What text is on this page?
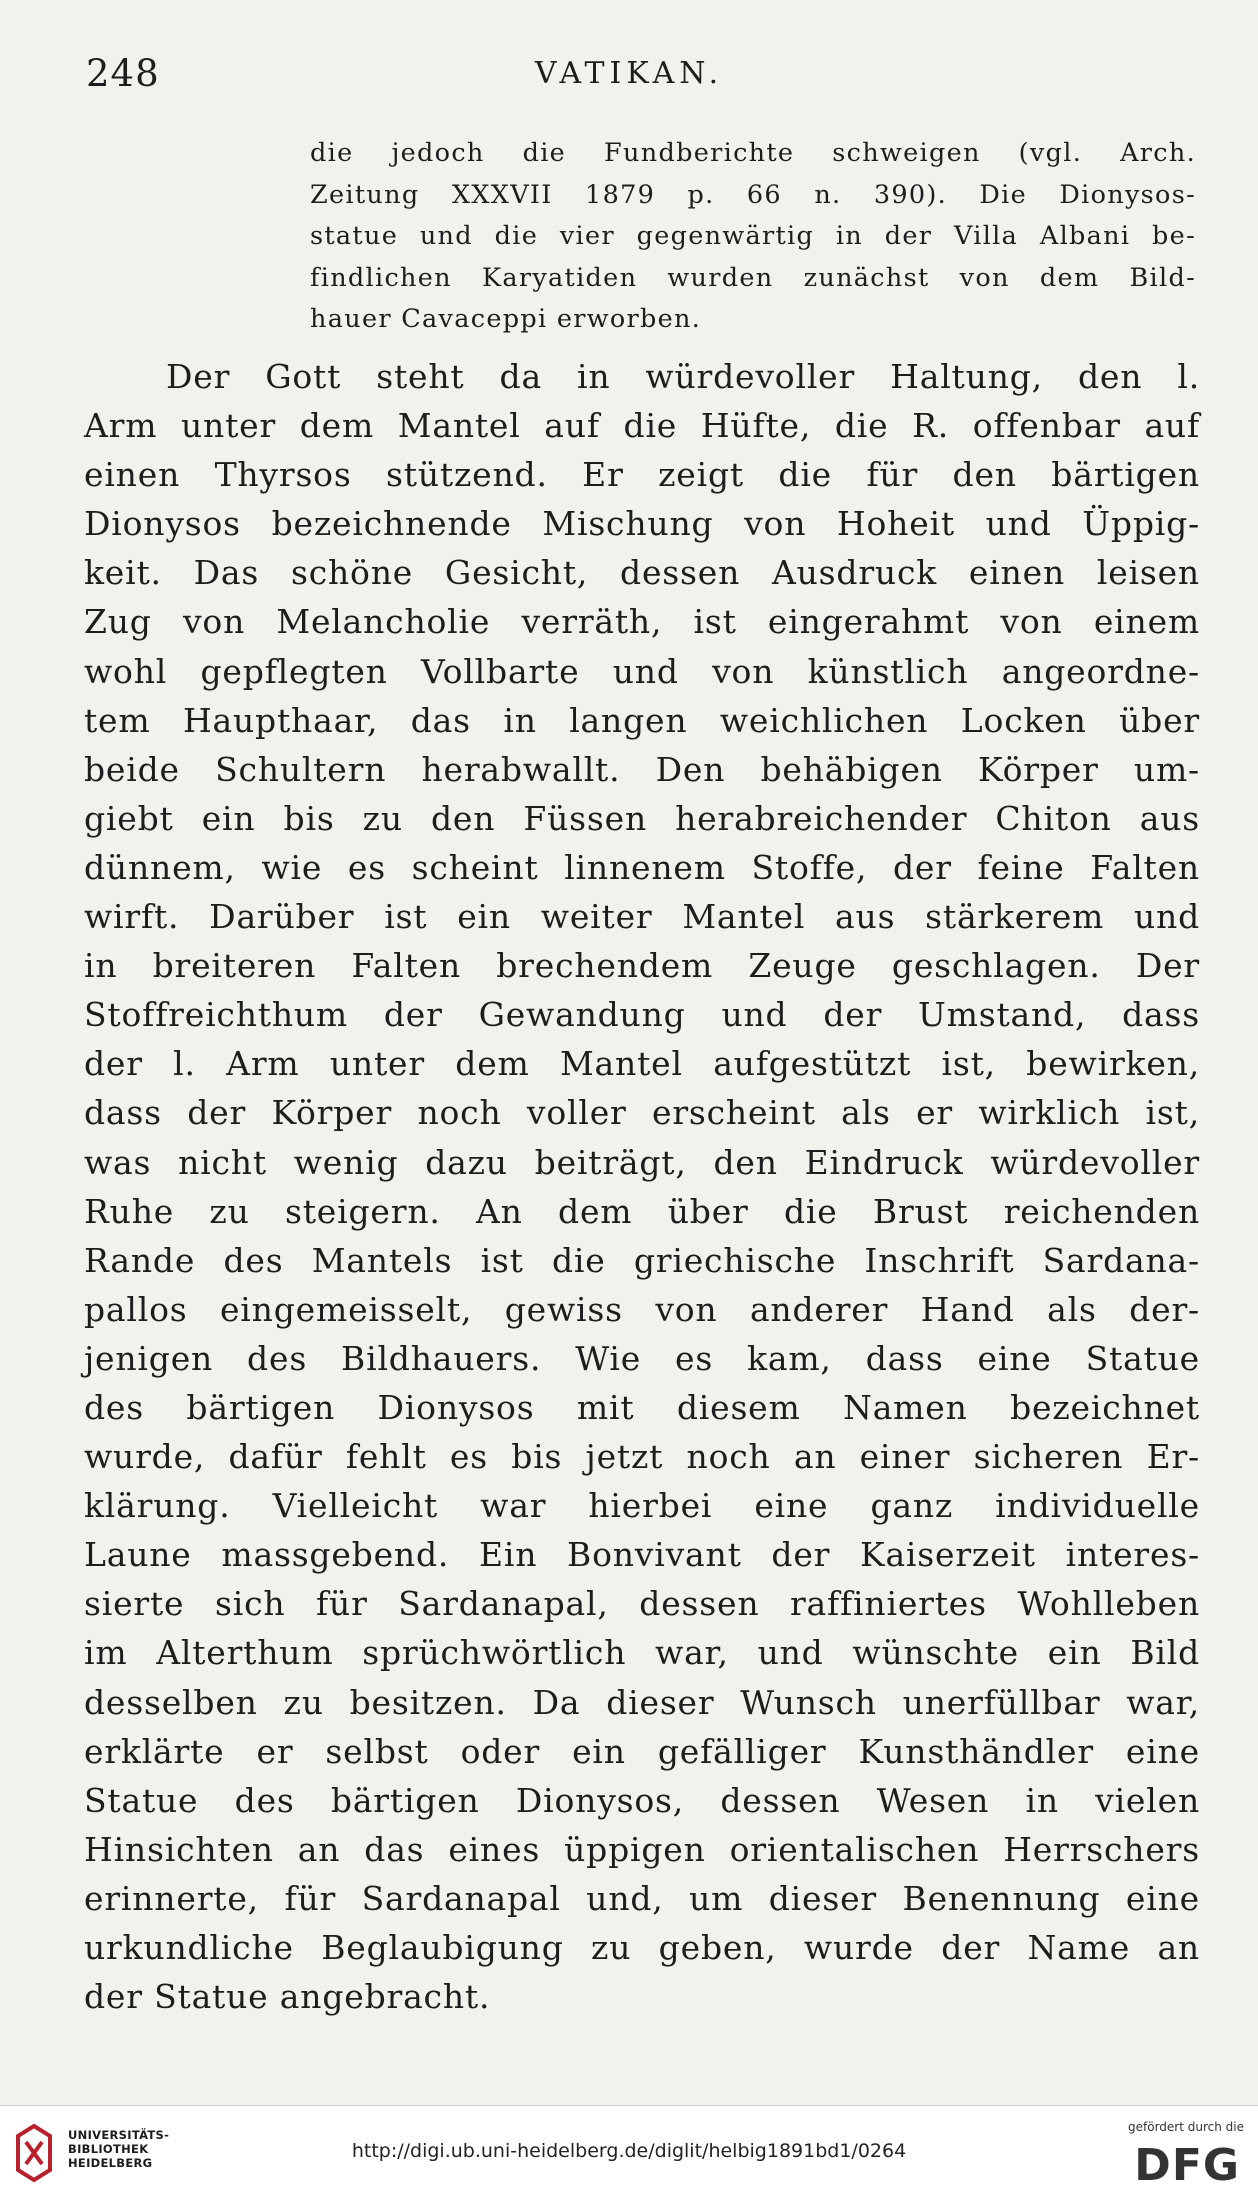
248	VATIKAN.
die jedoch die Fundberichte schweigen (vgl. Arch.
Zeitung XXXVII 1879 p. 66 n. 390). Die Dionysos-
statue und die vier gegenwärtig in der Villa Albani be-
findlichen Karyatiden wurden zunächst von dem Bild-
hauer Cavaceppi erworben.
Der Gott steht da in würdevoller Haltung, den l.
Arm unter dem Mantel auf die Hüfte, die R. offenbar auf
einen Thyrsos stützend. Er zeigt die für den bärtigen
Dionysos bezeichnende Mischung von Hoheit und Üppig-
keit. Das schöne Gesicht, dessen Ausdruck einen leisen
Zug von Melancholie verräth, ist eingerahmt von einem
wohl gepflegten Vollbarte und von künstlich angeordne-
tem Haupthaar, das in langen weichlichen Locken über
beide Schultern herabwallt. Den behäbigen Körper um-
giebt ein bis zu den Füssen herabreichender Chiton aus
dünnem, wie es scheint linnenem Stoffe, der feine Falten
wirft. Darüber ist ein weiter Mantel aus stärkerem und
in breiteren Falten brechendem Zeuge geschlagen. Der
Stoffreichthum der Gewandung und der Umstand, dass
der l. Arm unter dem Mantel aufgestützt ist, bewirken,
dass der Körper noch voller erscheint als er wirklich ist,
was nicht wenig dazu beiträgt, den Eindruck würdevoller
Ruhe zu steigern. An dem über die Brust reichenden
Rande des Mantels ist die griechische Inschrift Sardana-
pallos eingemeisselt, gewiss von anderer Hand als der-
jenigen des Bildhauers. Wie es kam, dass eine Statue
des bärtigen Dionysos mit diesem Namen bezeichnet
wurde, dafür fehlt es bis jetzt noch an einer sicheren Er-
klärung. Vielleicht war hierbei eine ganz individuelle
Laune massgebend. Ein Bonvivant der Kaiserzeit interes-
sierte sich für Sardanapal, dessen raffiniertes Wohlleben
im Alterthum sprüchwörtlich war, und wünschte ein Bild
desselben zu besitzen. Da dieser Wunsch unerfüllbar war,
erklärte er selbst oder ein gefälliger Kunsthändler eine
Statue des bärtigen Dionysos, dessen Wesen in vielen
Hinsichten an das eines üppigen orientalischen Herrschers
erinnerte, für Sardanapal und, um dieser Benennung eine
urkundliche Beglaubigung zu geben, wurde der Name an
der Statue angebracht.
UNIVERSITÄTS-
BIBLIOTHEK
HEIDELBERG
http://digi.ub.uni-heidelberg.de/diglit/helbig1891bd1/0264
gefördert durch die
DFG
